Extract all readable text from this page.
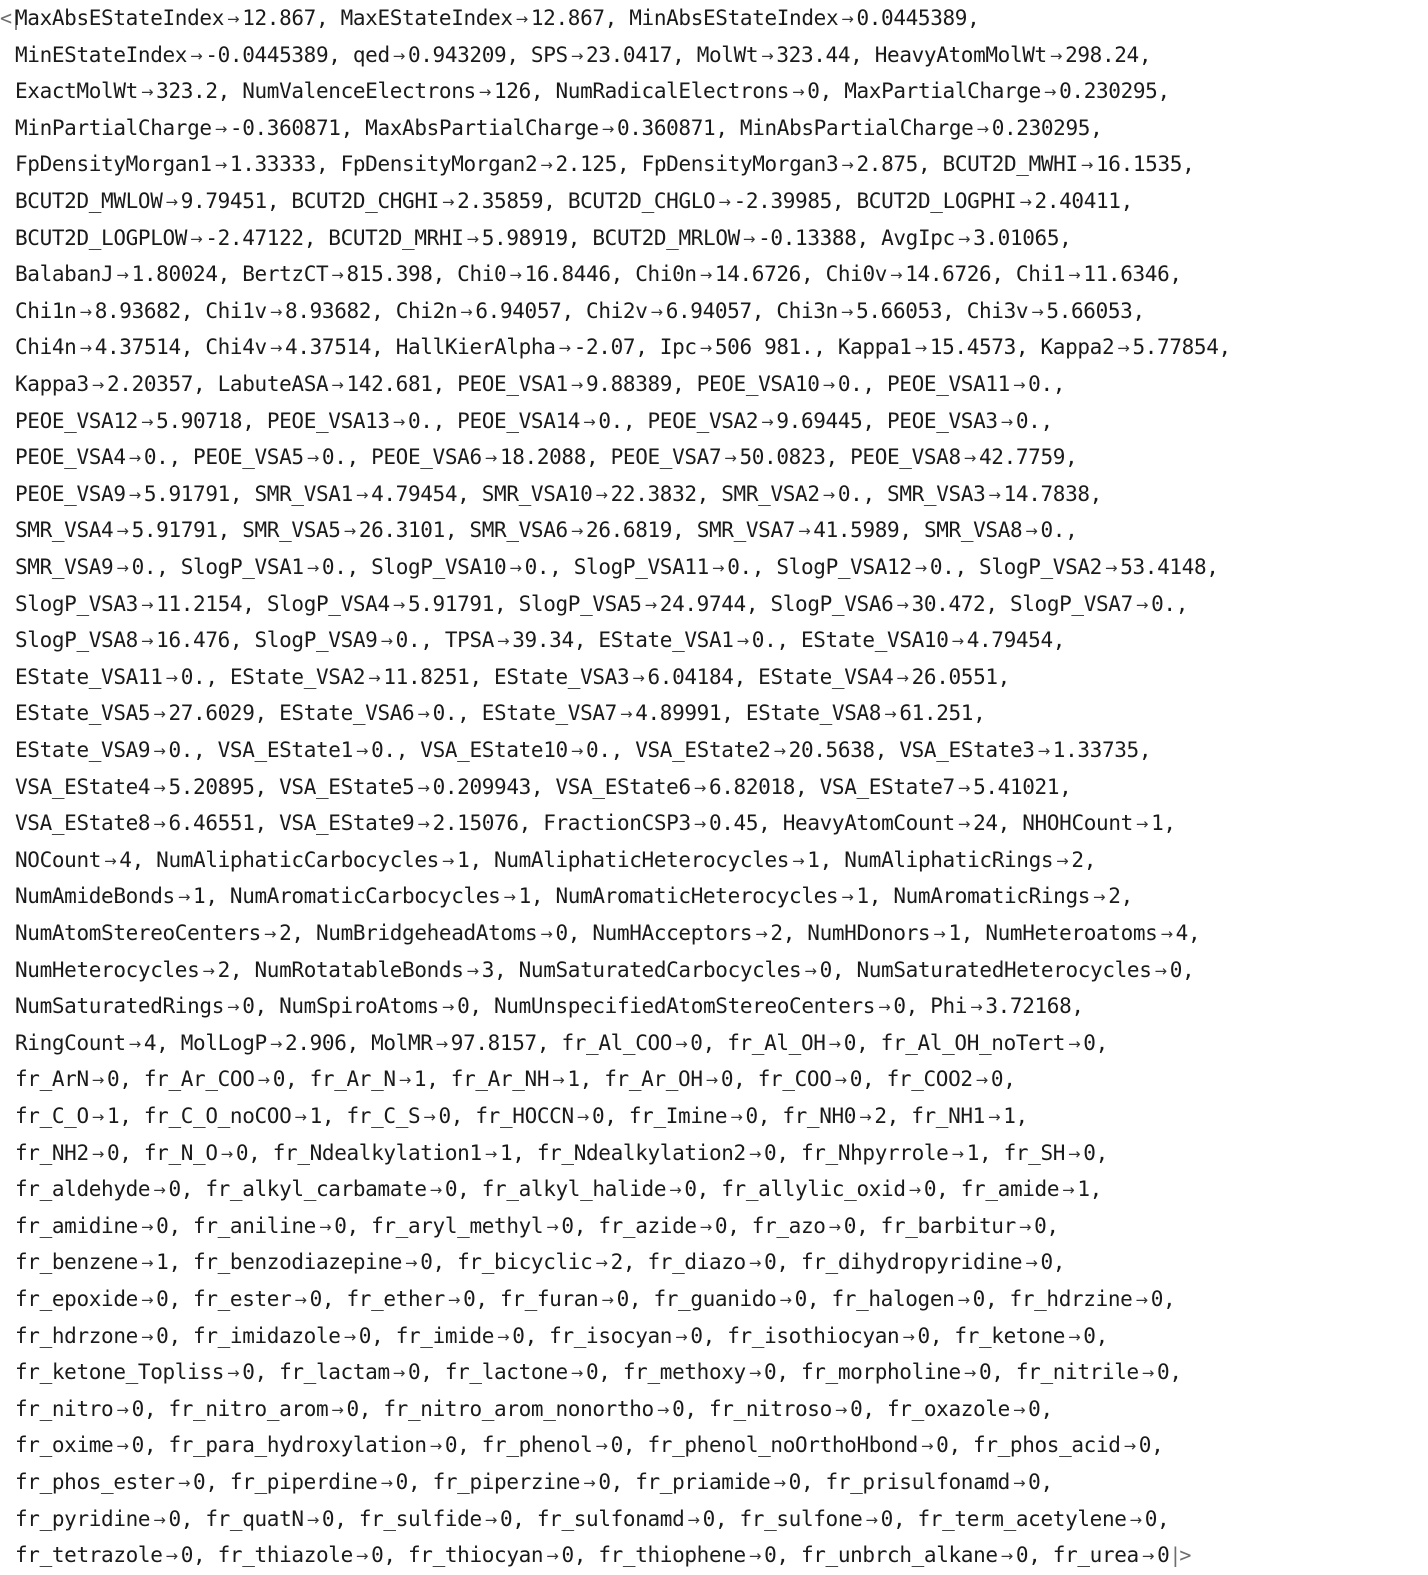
<|
MaxAbsEStateIndex → 12.867, MaxEStateIndex → 12.867, MinAbsEStateIndex → 0.0445389,
MinEStateIndex → -0.0445389, qed → 0.943209, SPS → 23.0417, MolWt → 323.44, HeavyAtomMolWt → 298.24,
ExactMolWt → 323.2, NumValenceElectrons → 126, NumRadicalElectrons → 0, MaxPartialCharge → 0.230295,
MinPartialCharge → -0.360871, MaxAbsPartialCharge → 0.360871, MinAbsPartialCharge → 0.230295,
FpDensityMorgan1 → 1.33333, FpDensityMorgan2 → 2.125, FpDensityMorgan3 → 2.875, BCUT2D_MWHI → 16.1535,
BCUT2D_MWLOW → 9.79451, BCUT2D_CHGHI → 2.35859, BCUT2D_CHGLO → -2.39985, BCUT2D_LOGPHI → 2.40411,
BCUT2D_LOGPLOW → -2.47122, BCUT2D_MRHI → 5.98919, BCUT2D_MRLOW → -0.13388, AvgIpc → 3.01065,
BalabanJ → 1.80024, BertzCT → 815.398, Chi0 → 16.8446, Chi0n → 14.6726, Chi0v → 14.6726, Chi1 → 11.6346,
Chi1n → 8.93682, Chi1v → 8.93682, Chi2n → 6.94057, Chi2v → 6.94057, Chi3n → 5.66053, Chi3v → 5.66053,
Chi4n → 4.37514, Chi4v → 4.37514, HallKierAlpha → -2.07, Ipc → 506 981., Kappa1 → 15.4573, Kappa2 → 5.77854,
Kappa3 → 2.20357, LabuteASA → 142.681, PEOE_VSA1 → 9.88389, PEOE_VSA10 → 0., PEOE_VSA11 → 0.,
PEOE_VSA12 → 5.90718, PEOE_VSA13 → 0., PEOE_VSA14 → 0., PEOE_VSA2 → 9.69445, PEOE_VSA3 → 0.,
PEOE_VSA4 → 0., PEOE_VSA5 → 0., PEOE_VSA6 → 18.2088, PEOE_VSA7 → 50.0823, PEOE_VSA8 → 42.7759,
PEOE_VSA9 → 5.91791, SMR_VSA1 → 4.79454, SMR_VSA10 → 22.3832, SMR_VSA2 → 0., SMR_VSA3 → 14.7838,
SMR_VSA4 → 5.91791, SMR_VSA5 → 26.3101, SMR_VSA6 → 26.6819, SMR_VSA7 → 41.5989, SMR_VSA8 → 0.,
SMR_VSA9 → 0., SlogP_VSA1 → 0., SlogP_VSA10 → 0., SlogP_VSA11 → 0., SlogP_VSA12 → 0., SlogP_VSA2 → 53.4148,
SlogP_VSA3 → 11.2154, SlogP_VSA4 → 5.91791, SlogP_VSA5 → 24.9744, SlogP_VSA6 → 30.472, SlogP_VSA7 → 0.,
SlogP_VSA8 → 16.476, SlogP_VSA9 → 0., TPSA → 39.34, EState_VSA1 → 0., EState_VSA10 → 4.79454,
EState_VSA11 → 0., EState_VSA2 → 11.8251, EState_VSA3 → 6.04184, EState_VSA4 → 26.0551,
EState_VSA5 → 27.6029, EState_VSA6 → 0., EState_VSA7 → 4.89991, EState_VSA8 → 61.251,
EState_VSA9 → 0., VSA_EState1 → 0., VSA_EState10 → 0., VSA_EState2 → 20.5638, VSA_EState3 → 1.33735,
VSA_EState4 → 5.20895, VSA_EState5 → 0.209943, VSA_EState6 → 6.82018, VSA_EState7 → 5.41021,
VSA_EState8 → 6.46551, VSA_EState9 → 2.15076, FractionCSP3 → 0.45, HeavyAtomCount → 24, NHOHCount → 1,
NOCount → 4, NumAliphaticCarbocycles → 1, NumAliphaticHeterocycles → 1, NumAliphaticRings → 2,
NumAmideBonds → 1, NumAromaticCarbocycles → 1, NumAromaticHeterocycles → 1, NumAromaticRings → 2,
NumAtomStereoCenters → 2, NumBridgeheadAtoms → 0, NumHAcceptors → 2, NumHDonors → 1, NumHeteroatoms → 4,
NumHeterocycles → 2, NumRotatableBonds → 3, NumSaturatedCarbocycles → 0, NumSaturatedHeterocycles → 0,
NumSaturatedRings → 0, NumSpiroAtoms → 0, NumUnspecifiedAtomStereoCenters → 0, Phi → 3.72168,
RingCount → 4, MolLogP → 2.906, MolMR → 97.8157, fr_Al_COO → 0, fr_Al_OH → 0, fr_Al_OH_noTert → 0,
fr_ArN → 0, fr_Ar_COO → 0, fr_Ar_N → 1, fr_Ar_NH → 1, fr_Ar_OH → 0, fr_COO → 0, fr_COO2 → 0,
fr_C_O → 1, fr_C_O_noCOO → 1, fr_C_S → 0, fr_HOCCN → 0, fr_Imine → 0, fr_NH0 → 2, fr_NH1 → 1,
fr_NH2 → 0, fr_N_O → 0, fr_Ndealkylation1 → 1, fr_Ndealkylation2 → 0, fr_Nhpyrrole → 1, fr_SH → 0,
fr_aldehyde → 0, fr_alkyl_carbamate → 0, fr_alkyl_halide → 0, fr_allylic_oxid → 0, fr_amide → 1,
fr_amidine → 0, fr_aniline → 0, fr_aryl_methyl → 0, fr_azide → 0, fr_azo → 0, fr_barbitur → 0,
fr_benzene → 1, fr_benzodiazepine → 0, fr_bicyclic → 2, fr_diazo → 0, fr_dihydropyridine → 0,
fr_epoxide → 0, fr_ester → 0, fr_ether → 0, fr_furan → 0, fr_guanido → 0, fr_halogen → 0, fr_hdrzine → 0,
fr_hdrzone → 0, fr_imidazole → 0, fr_imide → 0, fr_isocyan → 0, fr_isothiocyan → 0, fr_ketone → 0,
fr_ketone_Topliss → 0, fr_lactam → 0, fr_lactone → 0, fr_methoxy → 0, fr_morpholine → 0, fr_nitrile → 0,
fr_nitro → 0, fr_nitro_arom → 0, fr_nitro_arom_nonortho → 0, fr_nitroso → 0, fr_oxazole → 0,
fr_oxime → 0, fr_para_hydroxylation → 0, fr_phenol → 0, fr_phenol_noOrthoHbond → 0, fr_phos_acid → 0,
fr_phos_ester → 0, fr_piperdine → 0, fr_piperzine → 0, fr_priamide → 0, fr_prisulfonamd → 0,
fr_pyridine → 0, fr_quatN → 0, fr_sulfide → 0, fr_sulfonamd → 0, fr_sulfone → 0, fr_term_acetylene → 0,
fr_tetrazole → 0, fr_thiazole → 0, fr_thiocyan → 0, fr_thiophene → 0, fr_unbrch_alkane → 0, fr_urea → 0|>
